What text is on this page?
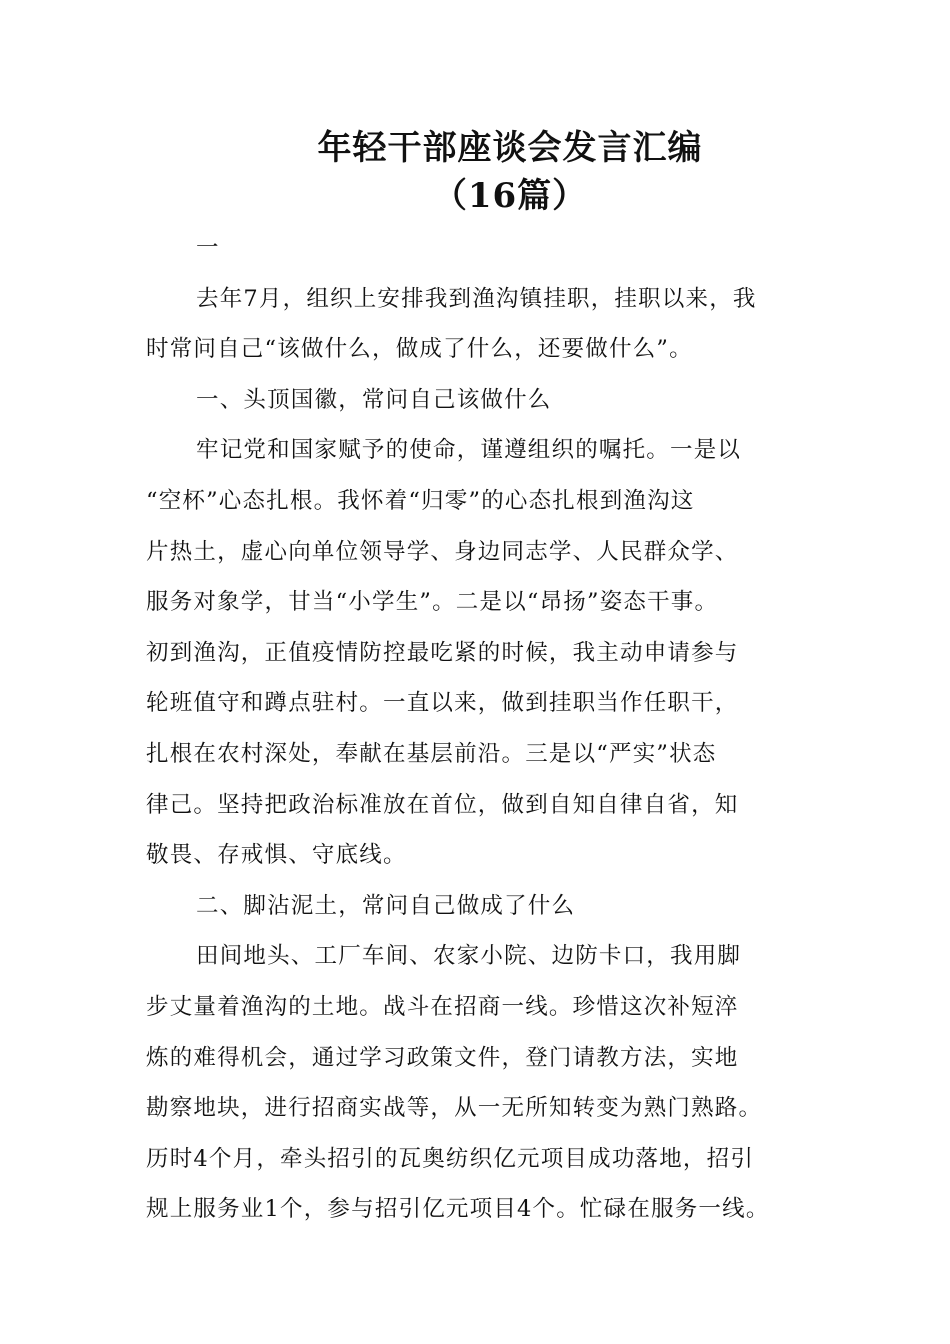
年轻干部座谈会发言汇编
（16篇）
一
去年7月，组织上安排我到渔沟镇挂职，挂职以来，我
时常问自己“该做什么，做成了什么，还要做什么”。
一、头顶国徽，常问自己该做什么
牢记党和国家赋予的使命，谨遵组织的嘱托。一是以
“空杯”心态扎根。我怀着“归零”的心态扎根到渔沟这
片热土，虚心向单位领导学、身边同志学、人民群众学、
服务对象学，甘当“小学生”。二是以“昂扬”姿态干事。
初到渔沟，正值疫情防控最吃紧的时候，我主动申请参与
轮班值守和蹲点驻村。一直以来，做到挂职当作任职干，
扎根在农村深处，奉献在基层前沿。三是以“严实”状态
律己。坚持把政治标准放在首位，做到自知自律自省，知
敬畏、存戒惧、守底线。
二、脚沾泥土，常问自己做成了什么
田间地头、工厂车间、农家小院、边防卡口，我用脚
步丈量着渔沟的土地。战斗在招商一线。珍惜这次补短淬
炼的难得机会，通过学习政策文件，登门请教方法，实地
勘察地块，进行招商实战等，从一无所知转变为熟门熟路。
历时4个月，牵头招引的瓦奥纺织亿元项目成功落地，招引
规上服务业1个，参与招引亿元项目4个。忙碌在服务一线。
